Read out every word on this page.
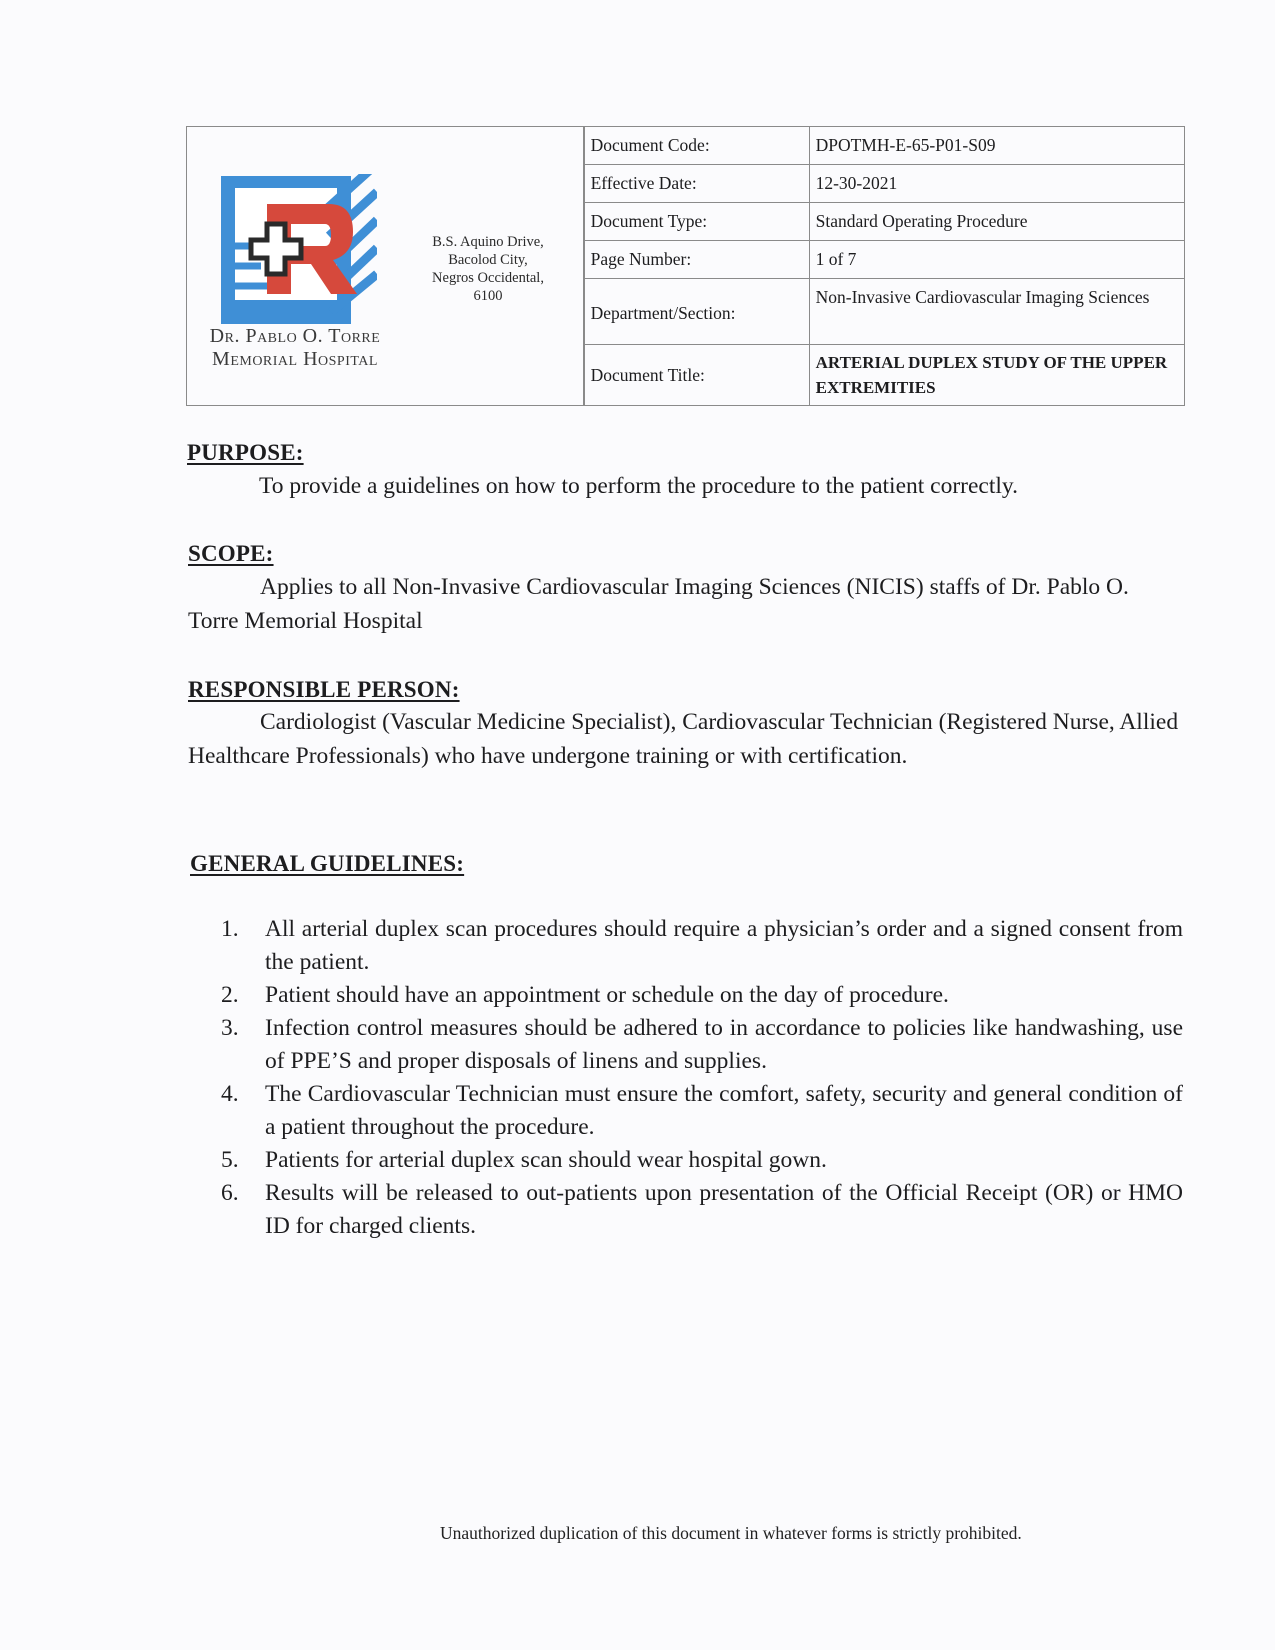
Dr. Pablo O. Torre
Memorial Hospital
B.S. Aquino Drive,
Bacolod City,
Negros Occidental,
6100
Document Code:	DPOTMH-E-65-P01-S09
Effective Date:	12-30-2021
Document Type:	Standard Operating Procedure
Page Number:	1 of 7
Department/Section:	Non-Invasive Cardiovascular Imaging Sciences
Document Title:	ARTERIAL DUPLEX STUDY OF THE UPPER EXTREMITIES
PURPOSE:
To provide a guidelines on how to perform the procedure to the patient correctly.
SCOPE:
Applies to all Non-Invasive Cardiovascular Imaging Sciences (NICIS) staffs of Dr. Pablo O. Torre Memorial Hospital
RESPONSIBLE PERSON:
Cardiologist (Vascular Medicine Specialist), Cardiovascular Technician (Registered Nurse, Allied Healthcare Professionals) who have undergone training or with certification.
GENERAL GUIDELINES:
1. All arterial duplex scan procedures should require a physician’s order and a signed consent from the patient.
2. Patient should have an appointment or schedule on the day of procedure.
3. Infection control measures should be adhered to in accordance to policies like handwashing, use of PPE’S and proper disposals of linens and supplies.
4. The Cardiovascular Technician must ensure the comfort, safety, security and general condition of a patient throughout the procedure.
5. Patients for arterial duplex scan should wear hospital gown.
6. Results will be released to out-patients upon presentation of the Official Receipt (OR) or HMO ID for charged clients.
Unauthorized duplication of this document in whatever forms is strictly prohibited.
